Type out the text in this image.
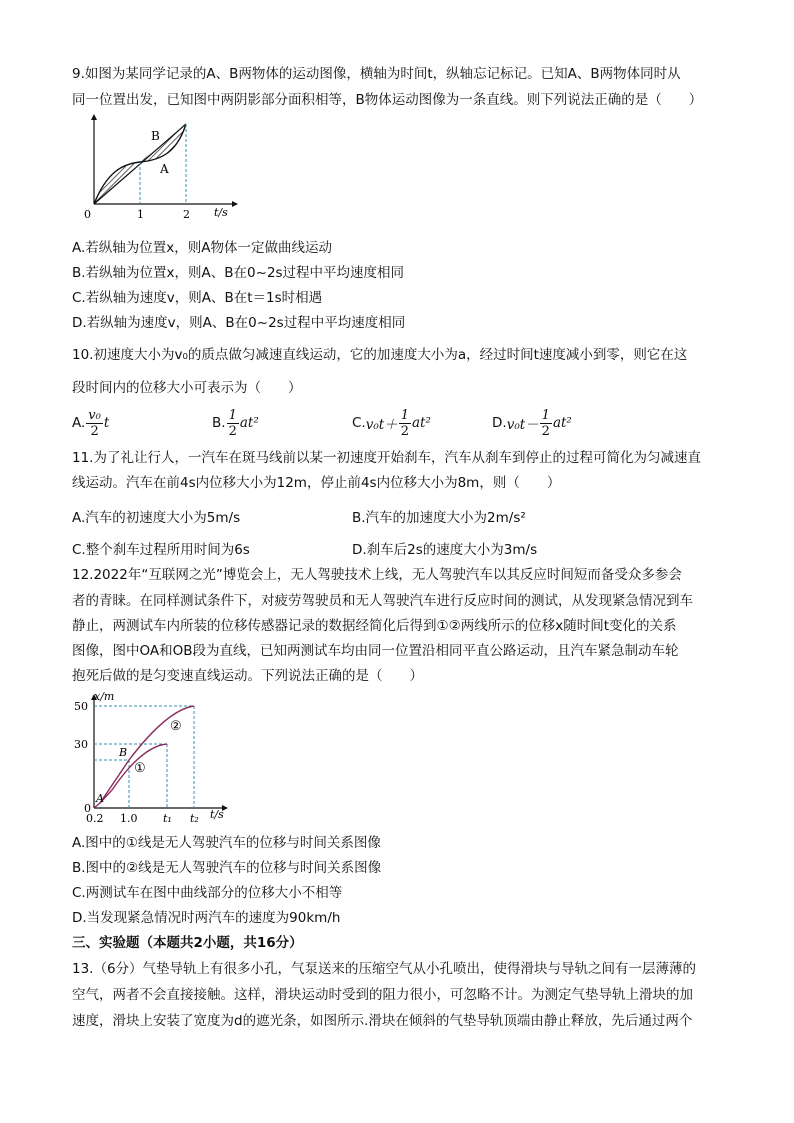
9.如图为某同学记录的A、B两物体的运动图像，横轴为时间t，纵轴忘记标记。已知A、B两物体同时从
同一位置出发，已知图中两阴影部分面积相等，B物体运动图像为一条直线。则下列说法正确的是（　　）
B
A
0	1	2 t/s
A.若纵轴为位置x，则A物体一定做曲线运动
B.若纵轴为位置x，则A、B在0~2s过程中平均速度相同
C.若纵轴为速度v，则A、B在t＝1s时相遇
D.若纵轴为速度v，则A、B在0~2s过程中平均速度相同
10.初速度大小为v₀的质点做匀减速直线运动，它的加速度大小为a，经过时间t速度减小到零，则它在这
段时间内的位移大小可表示为（　　）
A. $\frac{\text{v₀}}{2}$ t	B. $\frac{1}{2} at^2$	C. $v_0t+ \frac{1}{2} at^2$	D. $v_0t- \frac{1}{2} at^2$
11.为了礼让行人，一汽车在斑马线前以某一初速度开始刹车，汽车从刹车到停止的过程可简化为匀减速直
线运动。汽车在前4s内位移大小为12m，停止前4s内位移大小为8m，则（　　）
A.汽车的初速度大小为5m/s	B.汽车的加速度大小为2m/s²
C.整个刹车过程所用时间为6s	D.刹车后2s的速度大小为3m/s
12.2022年“互联网之光”博览会上，无人驾驶技术上线，无人驾驶汽车以其反应时间短而备受众多参会
者的青睐。在同样测试条件下，对疲劳驾驶员和无人驾驶汽车进行反应时间的测试，从发现紧急情况到车
静止，两测试车内所装的位移传感器记录的数据经简化后得到①②两线所示的位移x随时间t变化的关系
图像，图中OA和OB段为直线，已知两测试车均由同一位置沿相同平直公路运动，且汽车紧急制动车轮
抱死后做的是匀变速直线运动。下列说法正确的是（　　）
x/m
50
30
0
A
B
①
②
0.2 1.0 t₁ t₂ t/s
A.图中的①线是无人驾驶汽车的位移与时间关系图像
B.图中的②线是无人驾驶汽车的位移与时间关系图像
C.两测试车在图中曲线部分的位移大小不相等
D.当发现紧急情况时两汽车的速度为90km/h
三、实验题（本题共2小题，共16分）
13.（6分）气垫导轨上有很多小孔，气泵送来的压缩空气从小孔喷出，使得滑块与导轨之间有一层薄薄的
空气，两者不会直接接触。这样，滑块运动时受到的阻力很小，可忽略不计。为测定气垫导轨上滑块的加
速度，滑块上安装了宽度为d的遮光条，如图所示.滑块在倾斜的气垫导轨顶端由静止释放，先后通过两个
